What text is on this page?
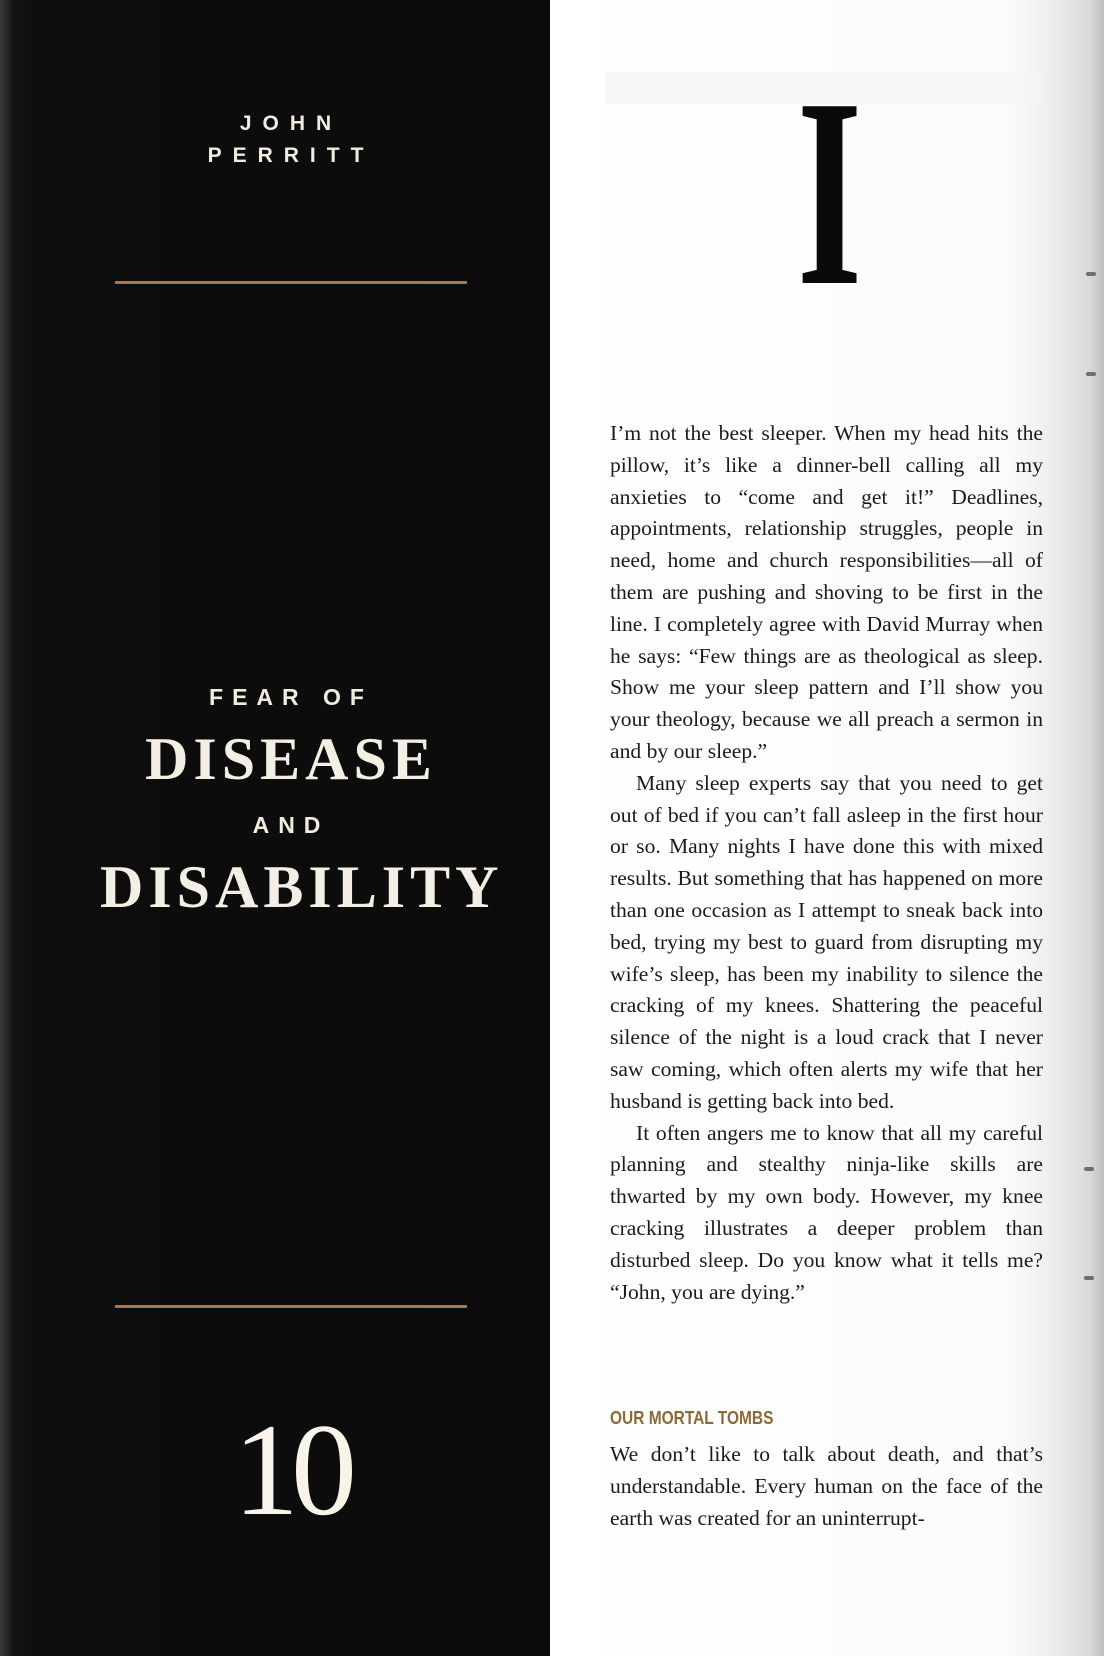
JOHN
PERRITT
FEAR OF
DISEASE
AND
DISABILITY
10
I

I’m not the best sleeper. When my head hits the pillow, it’s like a dinner-bell calling all my anxieties to “come and get it!” Deadlines, appointments, relationship struggles, people in need, home and church responsibilities—all of them are pushing and shoving to be first in the line. I completely agree with David Murray when he says: “Few things are as theological as sleep. Show me your sleep pattern and I’ll show you your theology, because we all preach a sermon in and by our sleep.”

Many sleep experts say that you need to get out of bed if you can’t fall asleep in the first hour or so. Many nights I have done this with mixed results. But something that has happened on more than one occasion as I attempt to sneak back into bed, trying my best to guard from disrupting my wife’s sleep, has been my inability to silence the cracking of my knees. Shattering the peaceful silence of the night is a loud crack that I never saw coming, which often alerts my wife that her husband is getting back into bed.

It often angers me to know that all my careful planning and stealthy ninja-like skills are thwarted by my own body. However, my knee cracking illustrates a deeper problem than disturbed sleep. Do you know what it tells me? “John, you are dying.”

OUR MORTAL TOMBS

We don’t like to talk about death, and that’s understandable. Every human on the face of the earth was created for an uninterrupt-
